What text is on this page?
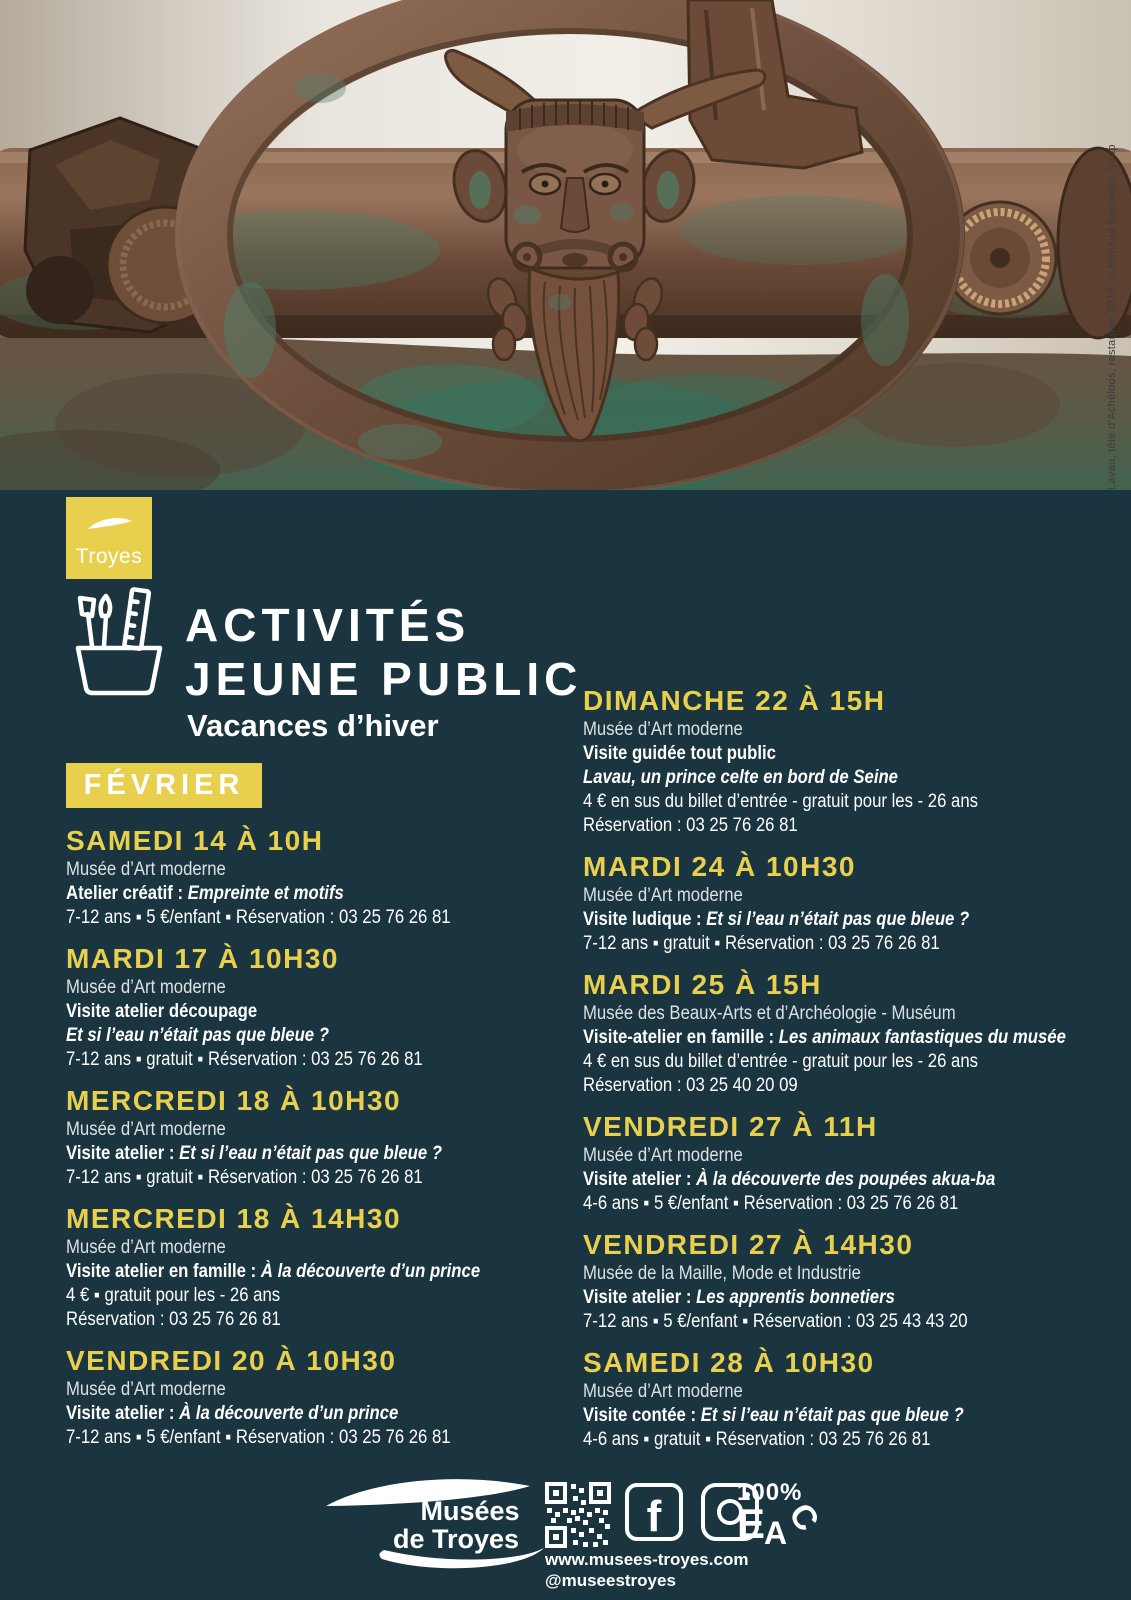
Lavau, tête d’Achéloos, restaurée 2015 © Renaud Bernadet, Inrap
Troyes
ACTIVITÉS
JEUNE PUBLIC
Vacances d’hiver
FÉVRIER
SAMEDI 14 À 10H
Musée d’Art moderne
Atelier créatif : Empreinte et motifs
7-12 ans ▪ 5 €/enfant ▪ Réservation : 03 25 76 26 81
MARDI 17 À 10H30
Musée d’Art moderne
Visite atelier découpage
Et si l’eau n’était pas que bleue ?
7-12 ans ▪ gratuit ▪ Réservation : 03 25 76 26 81
MERCREDI 18 À 10H30
Musée d’Art moderne
Visite atelier : Et si l’eau n’était pas que bleue ?
7-12 ans ▪ gratuit ▪ Réservation : 03 25 76 26 81
MERCREDI 18 À 14H30
Musée d’Art moderne
Visite atelier en famille : À la découverte d’un prince
4 € ▪ gratuit pour les - 26 ans
Réservation : 03 25 76 26 81
VENDREDI 20 À 10H30
Musée d’Art moderne
Visite atelier : À la découverte d’un prince
7-12 ans ▪ 5 €/enfant ▪ Réservation : 03 25 76 26 81
DIMANCHE 22 À 15H
Musée d’Art moderne
Visite guidée tout public
Lavau, un prince celte en bord de Seine
4 € en sus du billet d’entrée - gratuit pour les - 26 ans
Réservation : 03 25 76 26 81
MARDI 24 À 10H30
Musée d’Art moderne
Visite ludique : Et si l’eau n’était pas que bleue ?
7-12 ans ▪ gratuit ▪ Réservation : 03 25 76 26 81
MARDI 25 À 15H
Musée des Beaux-Arts et d’Archéologie - Muséum
Visite-atelier en famille : Les animaux fantastiques du musée
4 € en sus du billet d’entrée - gratuit pour les - 26 ans
Réservation : 03 25 40 20 09
VENDREDI 27 À 11H
Musée d’Art moderne
Visite atelier : À la découverte des poupées akua-ba
4-6 ans ▪ 5 €/enfant ▪ Réservation : 03 25 76 26 81
VENDREDI 27 À 14H30
Musée de la Maille, Mode et Industrie
Visite atelier : Les apprentis bonnetiers
7-12 ans ▪ 5 €/enfant ▪ Réservation : 03 25 43 43 20
SAMEDI 28 À 10H30
Musée d’Art moderne
Visite contée : Et si l’eau n’était pas que bleue ?
4-6 ans ▪ gratuit ▪ Réservation : 03 25 76 26 81
Musées
de Troyes	f
www.musees-troyes.com
@museestroyes
100%
E A
C
